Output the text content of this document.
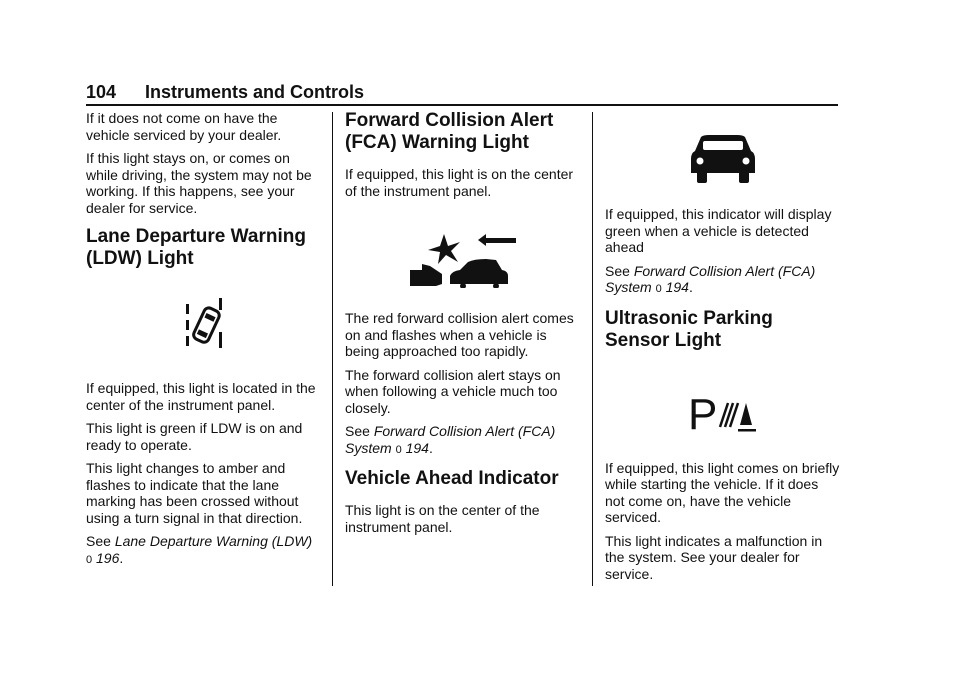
104 Instruments and Controls

If it does not come on have the vehicle serviced by your dealer.

If this light stays on, or comes on while driving, the system may not be working. If this happens, see your dealer for service.

Lane Departure Warning (LDW) Light

If equipped, this light is located in the center of the instrument panel.

This light is green if LDW is on and ready to operate.

This light changes to amber and flashes to indicate that the lane marking has been crossed without using a turn signal in that direction.

See Lane Departure Warning (LDW)
0 196.

Forward Collision Alert (FCA) Warning Light

If equipped, this light is on the center of the instrument panel.

The red forward collision alert comes on and flashes when a vehicle is being approached too rapidly.

The forward collision alert stays on when following a vehicle much too closely.

See Forward Collision Alert (FCA) System 0 194.

Vehicle Ahead Indicator

This light is on the center of the instrument panel.

If equipped, this indicator will display green when a vehicle is detected ahead

See Forward Collision Alert (FCA) System 0 194.

Ultrasonic Parking Sensor Light
P

If equipped, this light comes on briefly while starting the vehicle. If it does not come on, have the vehicle serviced.

This light indicates a malfunction in the system. See your dealer for service.
